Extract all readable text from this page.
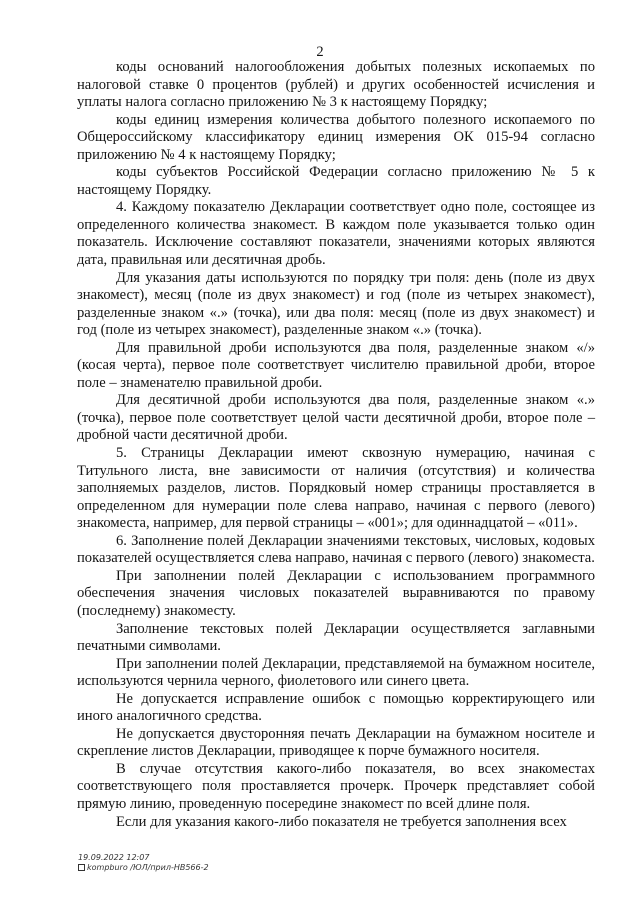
2

коды оснований налогообложения добытых полезных ископаемых по налоговой ставке 0 процентов (рублей) и других особенностей исчисления и уплаты налога согласно приложению № 3 к настоящему Порядку;

коды единиц измерения количества добытого полезного ископаемого по Общероссийскому классификатору единиц измерения ОК 015-94 согласно приложению № 4 к настоящему Порядку;

коды субъектов Российской Федерации согласно приложению № 5 к настоящему Порядку.

4. Каждому показателю Декларации соответствует одно поле, состоящее из определенного количества знакомест. В каждом поле указывается только один показатель. Исключение составляют показатели, значениями которых являются дата, правильная или десятичная дробь.

Для указания даты используются по порядку три поля: день (поле из двух знакомест), месяц (поле из двух знакомест) и год (поле из четырех знакомест), разделенные знаком «.» (точка), или два поля: месяц (поле из двух знакомест) и год (поле из четырех знакомест), разделенные знаком «.» (точка).

Для правильной дроби используются два поля, разделенные знаком «/» (косая черта), первое поле соответствует числителю правильной дроби, второе поле – знаменателю правильной дроби.

Для десятичной дроби используются два поля, разделенные знаком «.» (точка), первое поле соответствует целой части десятичной дроби, второе поле – дробной части десятичной дроби.

5. Страницы Декларации имеют сквозную нумерацию, начиная с Титульного листа, вне зависимости от наличия (отсутствия) и количества заполняемых разделов, листов. Порядковый номер страницы проставляется в определенном для нумерации поле слева направо, начиная с первого (левого) знакоместа, например, для первой страницы – «001»; для одиннадцатой – «011».

6. Заполнение полей Декларации значениями текстовых, числовых, кодовых показателей осуществляется слева направо, начиная с первого (левого) знакоместа.

При заполнении полей Декларации с использованием программного обеспечения значения числовых показателей выравниваются по правому (последнему) знакоместу.

Заполнение текстовых полей Декларации осуществляется заглавными печатными символами.

При заполнении полей Декларации, представляемой на бумажном носителе, используются чернила черного, фиолетового или синего цвета.

Не допускается исправление ошибок с помощью корректирующего или иного аналогичного средства.

Не допускается двусторонняя печать Декларации на бумажном носителе и скрепление листов Декларации, приводящее к порче бумажного носителя.

В случае отсутствия какого-либо показателя, во всех знакоместах соответствующего поля проставляется прочерк. Прочерк представляет собой прямую линию, проведенную посередине знакомест по всей длине поля.

Если для указания какого-либо показателя не требуется заполнения всех

19.09.2022 12:07
kompburo /ЮЛ/прил-НВ566-2
